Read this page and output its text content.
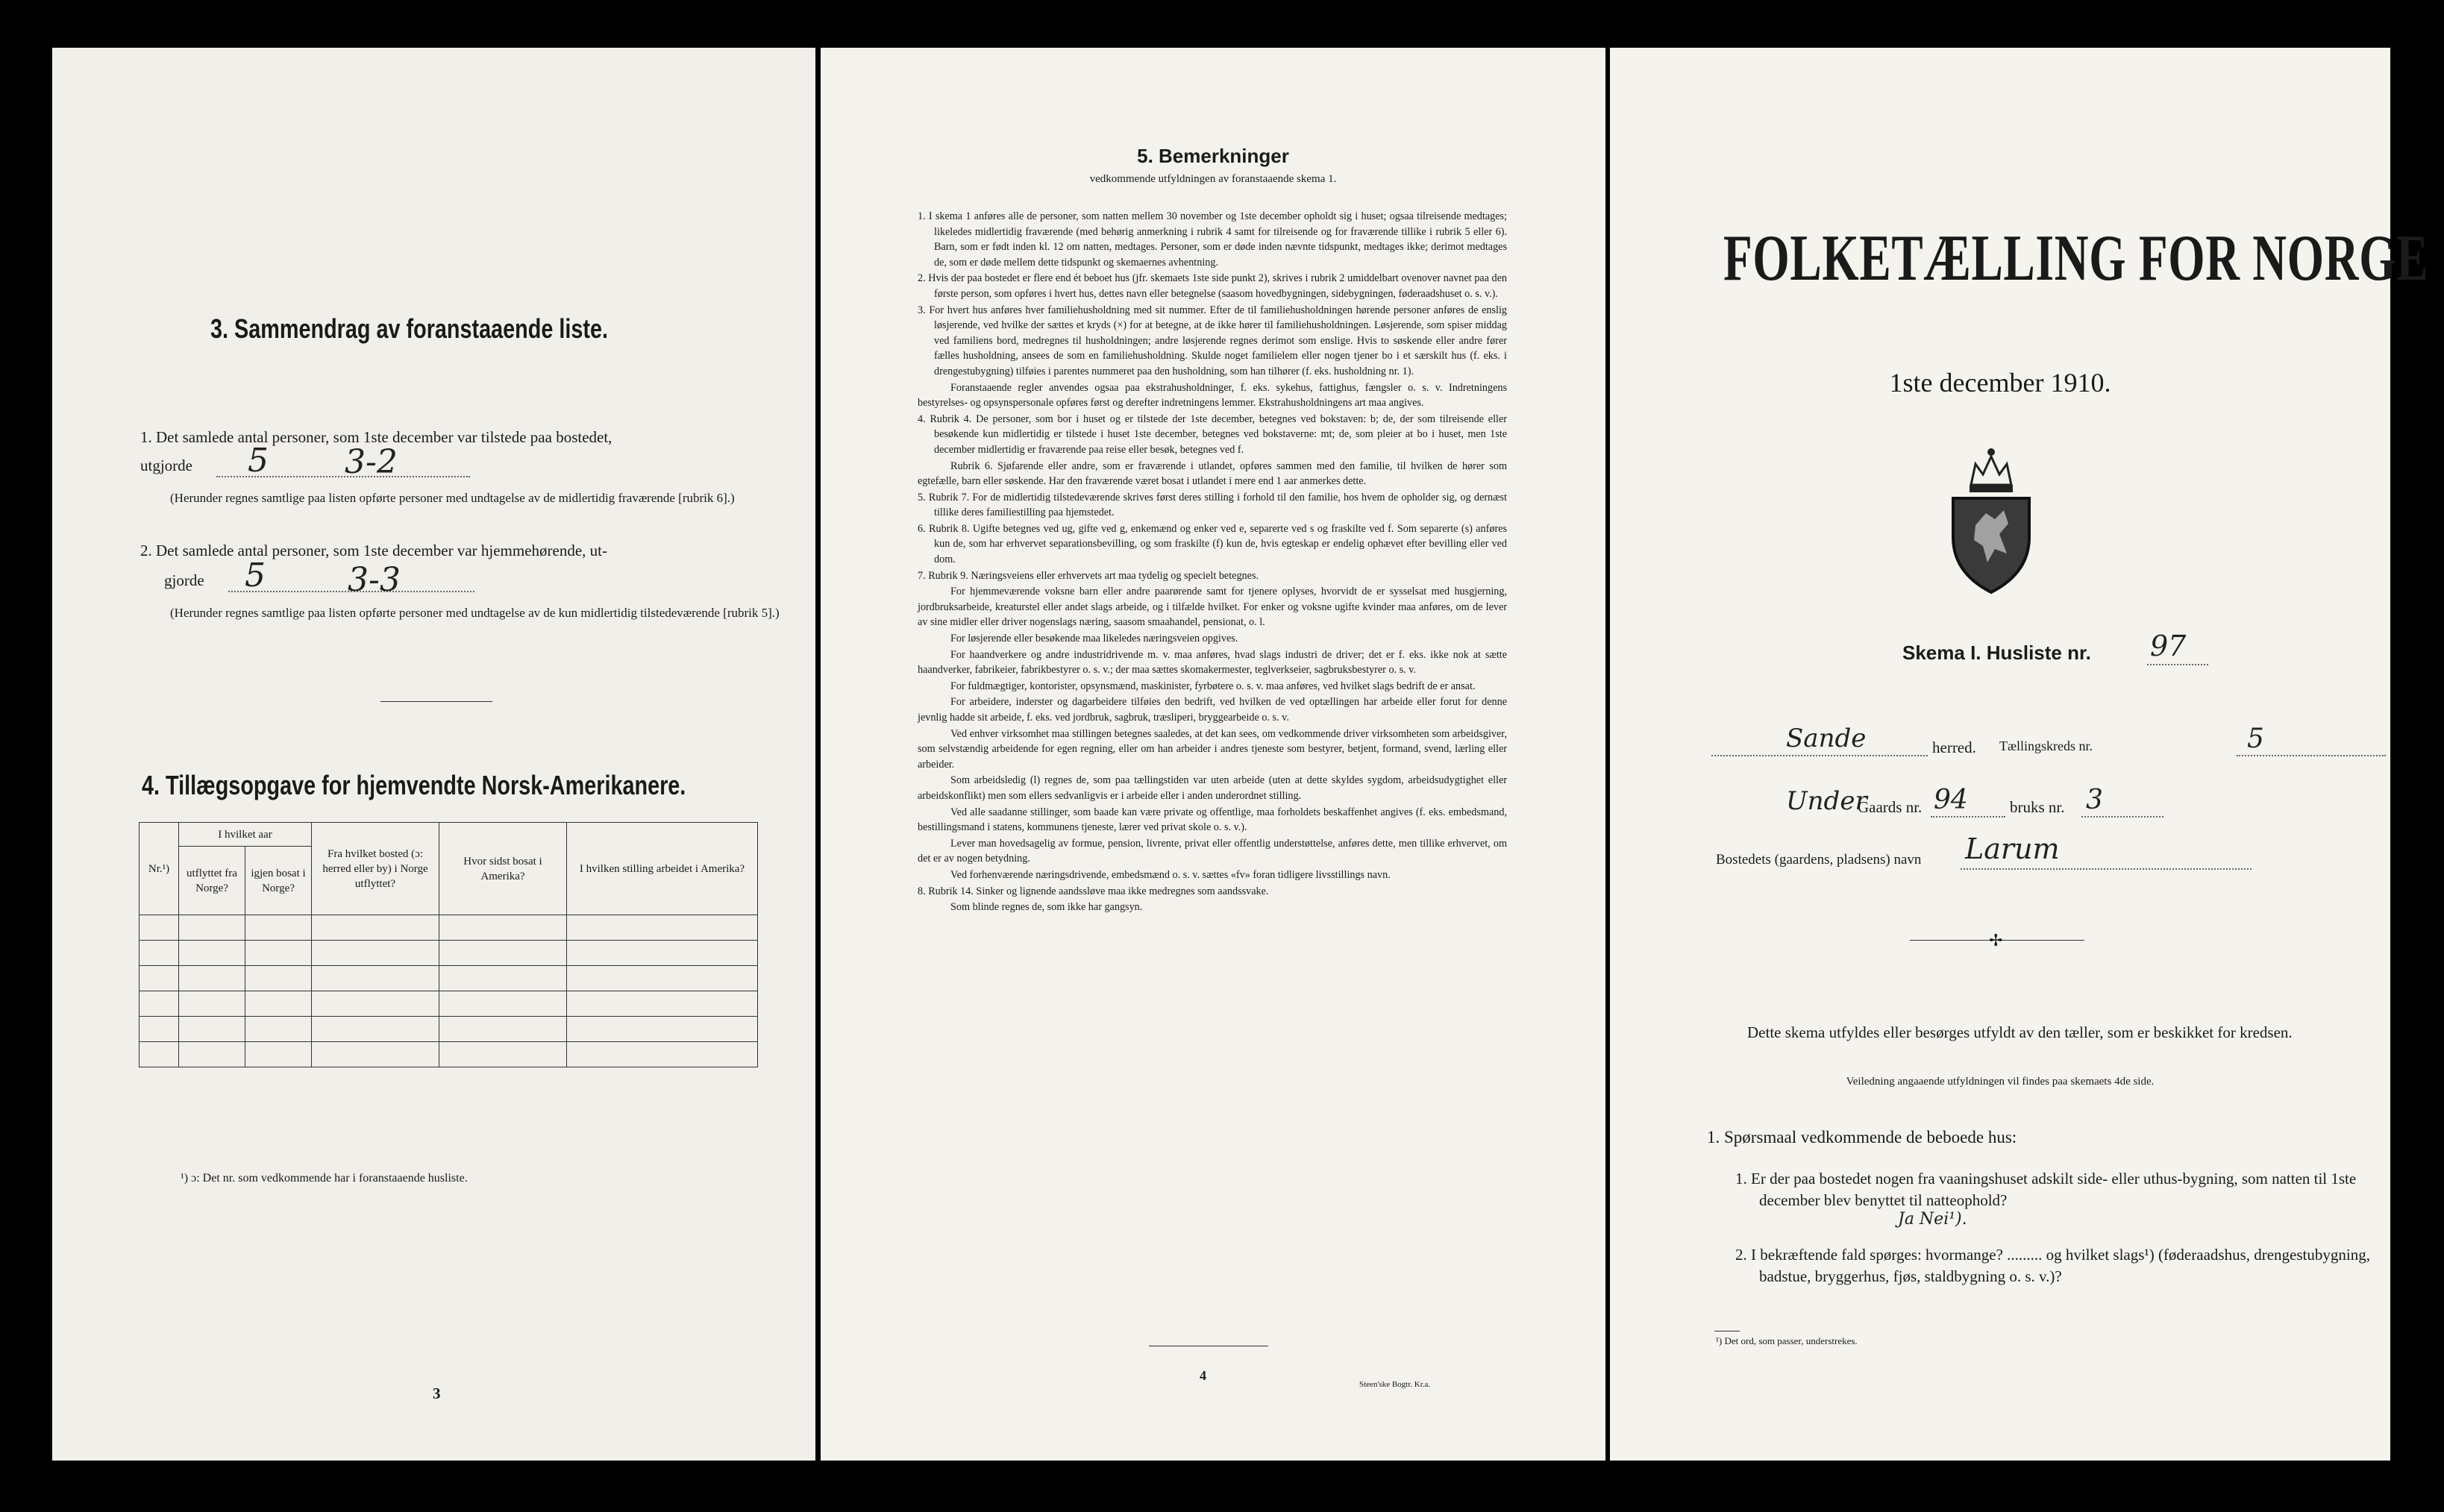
3. Sammendrag av foranstaaende liste.
1. Det samlede antal personer, som 1ste december var tilstede paa bostedet,
utgjorde 5 3-2
(Herunder regnes samtlige paa listen opførte personer med undtagelse av de midlertidig fraværende [rubrik 6].)
2. Det samlede antal personer, som 1ste december var hjemmehørende, ut-
gjorde 5	3-3
(Herunder regnes samtlige paa listen opførte personer med undtagelse av de kun midlertidig tilstedeværende [rubrik 5].)
4. Tillægsopgave for hjemvendte Norsk-Amerikanere.
Nr.¹)	I hvilket aar		Fra hvilket bosted (ɔ: herred eller by) i Norge utflyttet?	Hvor sidst bosat i Amerika?	I hvilken stilling arbeidet i Amerika?
	utflyttet fra Norge?	igjen bosat i Norge?			

¹) ɔ: Det nr. som vedkommende har i foranstaaende husliste.
3
5. Bemerkninger
vedkommende utfyldningen av foranstaaende skema 1.

1. I skema 1 anføres alle de personer, som natten mellem 30 november og 1ste december opholdt sig i huset; ogsaa tilreisende medtages; likeledes midlertidig fraværende (med behørig anmerkning i rubrik 4 samt for tilreisende og for fraværende tillike i rubrik 5 eller 6). Barn, som er født inden kl. 12 om natten, medtages. Personer, som er døde inden nævnte tidspunkt, medtages ikke; derimot medtages de, som er døde mellem dette tidspunkt og skemaernes avhentning.

2. Hvis der paa bostedet er flere end ét beboet hus (jfr. skemaets 1ste side punkt 2), skrives i rubrik 2 umiddelbart ovenover navnet paa den første person, som opføres i hvert hus, dettes navn eller betegnelse (saasom hovedbygningen, sidebygningen, føderaadshuset o. s. v.).

3. For hvert hus anføres hver familiehusholdning med sit nummer. Efter de til familiehusholdningen hørende personer anføres de enslig løsjerende, ved hvilke der sættes et kryds (×) for at betegne, at de ikke hører til familiehusholdningen. Løsjerende, som spiser middag ved familiens bord, medregnes til husholdningen; andre løsjerende regnes derimot som enslige. Hvis to søskende eller andre fører fælles husholdning, ansees de som en familiehusholdning. Skulde noget familielem eller nogen tjener bo i et særskilt hus (f. eks. i drengestubygning) tilføies i parentes nummeret paa den husholdning, som han tilhører (f. eks. husholdning nr. 1).

Foranstaaende regler anvendes ogsaa paa ekstrahusholdninger, f. eks. sykehus, fattighus, fængsler o. s. v. Indretningens bestyrelses- og opsynspersonale opføres først og derefter indretningens lemmer. Ekstrahusholdningens art maa angives.

4. Rubrik 4. De personer, som bor i huset og er tilstede der 1ste december, betegnes ved bokstaven: b; de, der som tilreisende eller besøkende kun midlertidig er tilstede i huset 1ste december, betegnes ved bokstaverne: mt; de, som pleier at bo i huset, men 1ste december midlertidig er fraværende paa reise eller besøk, betegnes ved f.

Rubrik 6. Sjøfarende eller andre, som er fraværende i utlandet, opføres sammen med den familie, til hvilken de hører som egtefælle, barn eller søskende. Har den fraværende været bosat i utlandet i mere end 1 aar anmerkes dette.

5. Rubrik 7. For de midlertidig tilstedeværende skrives først deres stilling i forhold til den familie, hos hvem de opholder sig, og dernæst tillike deres familiestilling paa hjemstedet.

6. Rubrik 8. Ugifte betegnes ved ug, gifte ved g, enkemænd og enker ved e, separerte ved s og fraskilte ved f. Som separerte (s) anføres kun de, som har erhvervet separationsbevilling, og som fraskilte (f) kun de, hvis egteskap er endelig ophævet efter bevilling eller ved dom.

7. Rubrik 9. Næringsveiens eller erhvervets art maa tydelig og specielt betegnes.

For hjemmeværende voksne barn eller andre paarørende samt for tjenere oplyses, hvorvidt de er sysselsat med husgjerning, jordbruksarbeide, kreaturstel eller andet slags arbeide, og i tilfælde hvilket. For enker og voksne ugifte kvinder maa anføres, om de lever av sine midler eller driver nogenslags næring, saasom smaahandel, pensionat, o. l.

For løsjerende eller besøkende maa likeledes næringsveien opgives.

For haandverkere og andre industridrivende m. v. maa anføres, hvad slags industri de driver; det er f. eks. ikke nok at sætte haandverker, fabrikeier, fabrikbestyrer o. s. v.; der maa sættes skomakermester, teglverkseier, sagbruksbestyrer o. s. v.

For fuldmægtiger, kontorister, opsynsmænd, maskinister, fyrbøtere o. s. v. maa anføres, ved hvilket slags bedrift de er ansat.

For arbeidere, inderster og dagarbeidere tilføies den bedrift, ved hvilken de ved optællingen har arbeide eller forut for denne jevnlig hadde sit arbeide, f. eks. ved jordbruk, sagbruk, træsliperi, bryggearbeide o. s. v.

Ved enhver virksomhet maa stillingen betegnes saaledes, at det kan sees, om vedkommende driver virksomheten som arbeidsgiver, som selvstændig arbeidende for egen regning, eller om han arbeider i andres tjeneste som bestyrer, betjent, formand, svend, lærling eller arbeider.

Som arbeidsledig (l) regnes de, som paa tællingstiden var uten arbeide (uten at dette skyldes sygdom, arbeidsudygtighet eller arbeidskonflikt) men som ellers sedvanligvis er i arbeide eller i anden underordnet stilling.

Ved alle saadanne stillinger, som baade kan være private og offentlige, maa forholdets beskaffenhet angives (f. eks. embedsmand, bestillingsmand i statens, kommunens tjeneste, lærer ved privat skole o. s. v.).

Lever man hovedsagelig av formue, pension, livrente, privat eller offentlig understøttelse, anføres dette, men tillike erhvervet, om det er av nogen betydning.

Ved forhenværende næringsdrivende, embedsmænd o. s. v. sættes «fv» foran tidligere livsstillings navn.

8. Rubrik 14. Sinker og lignende aandssløve maa ikke medregnes som aandssvake.

Som blinde regnes de, som ikke har gangsyn.

4
Steen'ske Bogtr. Kr.a.
FOLKETÆLLING FOR NORGE
1ste december 1910.
Skema I. Husliste nr. 97
Sande	herred. Tællingskreds nr.	5
Under
Gaards nr. 94	bruks nr. 3
Bostedets (gaardens, pladsens) navn Larum
✢
Dette skema utfyldes eller besørges utfyldt av den tæller, som er beskikket for kredsen.
Veiledning angaaende utfyldningen vil findes paa skemaets 4de side.
1. Spørsmaal vedkommende de beboede hus:
1. Er der paa bostedet nogen fra vaaningshuset adskilt side- eller uthus-bygning, som natten til 1ste december blev benyttet til natteophold?
Ja Nei¹).
2. I bekræftende fald spørges: hvormange? ......... og hvilket slags¹) (føderaadshus, drengestubygning, badstue, bryggerhus, fjøs, staldbygning o. s. v.)?
¹) Det ord, som passer, understrekes.
